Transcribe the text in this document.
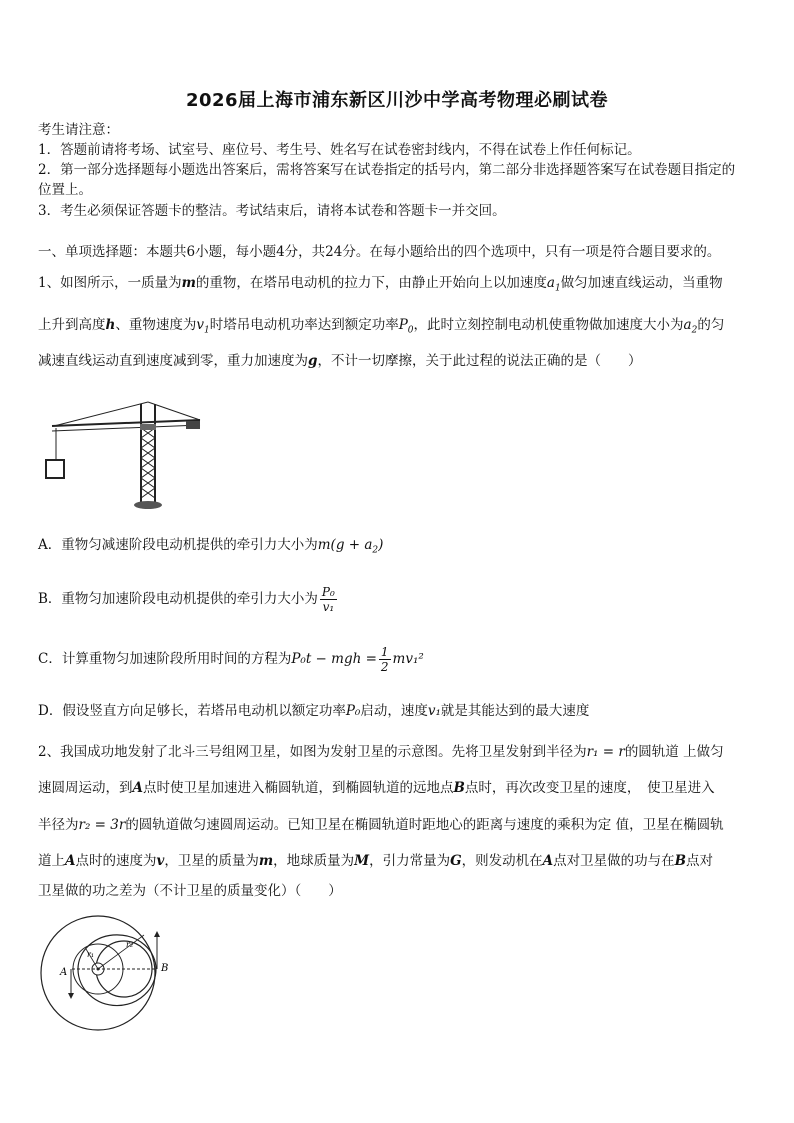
2026届上海市浦东新区川沙中学高考物理必刷试卷
考生请注意：
1．答题前请将考场、试室号、座位号、考生号、姓名写在试卷密封线内，不得在试卷上作任何标记。
2．第一部分选择题每小题选出答案后，需将答案写在试卷指定的括号内，第二部分非选择题答案写在试卷题目指定的
位置上。
3．考生必须保证答题卡的整洁。考试结束后，请将本试卷和答题卡一并交回。
一、单项选择题：本题共6小题，每小题4分，共24分。在每小题给出的四个选项中，只有一项是符合题目要求的。
1、如图所示，一质量为m的重物，在塔吊电动机的拉力下，由静止开始向上以加速度$a_1$做匀加速直线运动，当重物
上升到高度h、重物速度为$v_1$时塔吊电动机功率达到额定功率$P_0$，此时立刻控制电动机使重物做加速度大小为$a_2$的匀
减速直线运动直到速度减到零，重力加速度为g，不计一切摩擦，关于此过程的说法正确的是（　　）
A．重物匀减速阶段电动机提供的牵引力大小为$m(g + a_2)$
B．重物匀加速阶段电动机提供的牵引力大小为 $\frac{\text{P₀}}{\text{v₁}}$
C．计算重物匀加速阶段所用时间的方程为P₀t − mgh = $\frac{1}{2} mv_1^2$
D．假设竖直方向足够长，若塔吊电动机以额定功率P₀启动，速度v₁就是其能达到的最大速度
2、我国成功地发射了北斗三号组网卫星，如图为发射卫星的示意图。先将卫星发射到半径为r₁ = r的圆轨道 上做匀
速圆周运动，到A点时使卫星加速进入椭圆轨道，到椭圆轨道的远地点B点时，再次改变卫星的速度，　使卫星进入
半径为r₂ = 3r的圆轨道做匀速圆周运动。已知卫星在椭圆轨道时距地心的距离与速度的乘积为定 值，卫星在椭圆轨
道上A点时的速度为v，卫星的质量为m，地球质量为M，引力常量为G，则发动机在A点对卫星做的功与在B点对
卫星做的功之差为（不计卫星的质量变化）（　　）
A	B
r₁
r₂
